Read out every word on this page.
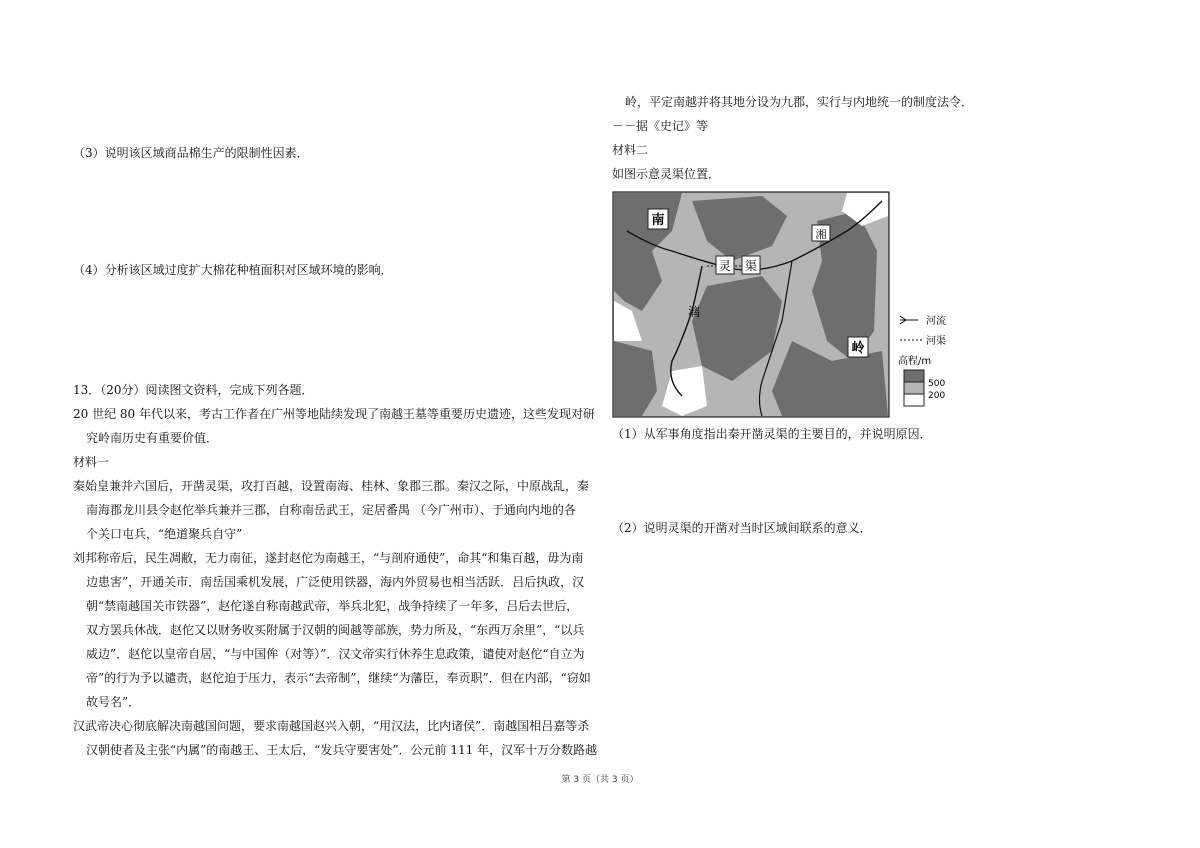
（3）说明该区域商品棉生产的限制性因素．
（4）分析该区域过度扩大棉花种植面积对区域环境的影响．
13．（20分）阅读图文资料，完成下列各题．
20 世纪 80 年代以来，考古工作者在广州等地陆续发现了南越王墓等重要历史遗迹，这些发现对研
究岭南历史有重要价值．
材料一
秦始皇兼并六国后，开凿灵渠，攻打百越，设置南海、桂林、象郡三郡。秦汉之际，中原战乱，秦
南海郡龙川县令赵佗举兵兼并三郡，自称南岳武王，定居番禺 （今广州市）、于通向内地的各
个关口屯兵，“绝道聚兵自守”
刘邦称帝后，民生凋敝，无力南征，遂封赵佗为南越王，“与剖府通使”，命其“和集百越，毋为南
边患害”，开通关市．南岳国乘机发展，广泛使用铁器，海内外贸易也相当活跃．吕后执政，汉
朝“禁南越国关市铁器”，赵佗遂自称南越武帝，举兵北犯，战争持续了一年多，吕后去世后，
双方罢兵休战．赵佗又以财务收买附属于汉朝的闽越等部族，势力所及，“东西万余里”，“以兵
威边”．赵佗以皇帝自居，“与中国侔（对等）”．汉文帝实行休养生息政策，谴使对赵佗“自立为
帝”的行为予以谴责，赵佗迫于压力，表示“去帝制”，继续“为藩臣，奉贡职”．但在内部，“窃如
故号名”．
汉武帝决心彻底解决南越国问题，要求南越国赵兴入朝，“用汉法，比内诸侯”．南越国相吕嘉等杀
汉朝使者及主张“内属”的南越王、王太后，“发兵守要害处”．公元前 111 年，汉军十万分数路越
岭，平定南越并将其地分设为九郡，实行与内地统一的制度法令．
－－据《史记》等
材料二
如图示意灵渠位置．
南
灵 渠
漓
湘
岭
河流
河渠
高程/m
500
200
（1）从军事角度指出秦开凿灵渠的主要目的，并说明原因．
（2）说明灵渠的开凿对当时区域间联系的意义．
第 3 页（共 3 页）
